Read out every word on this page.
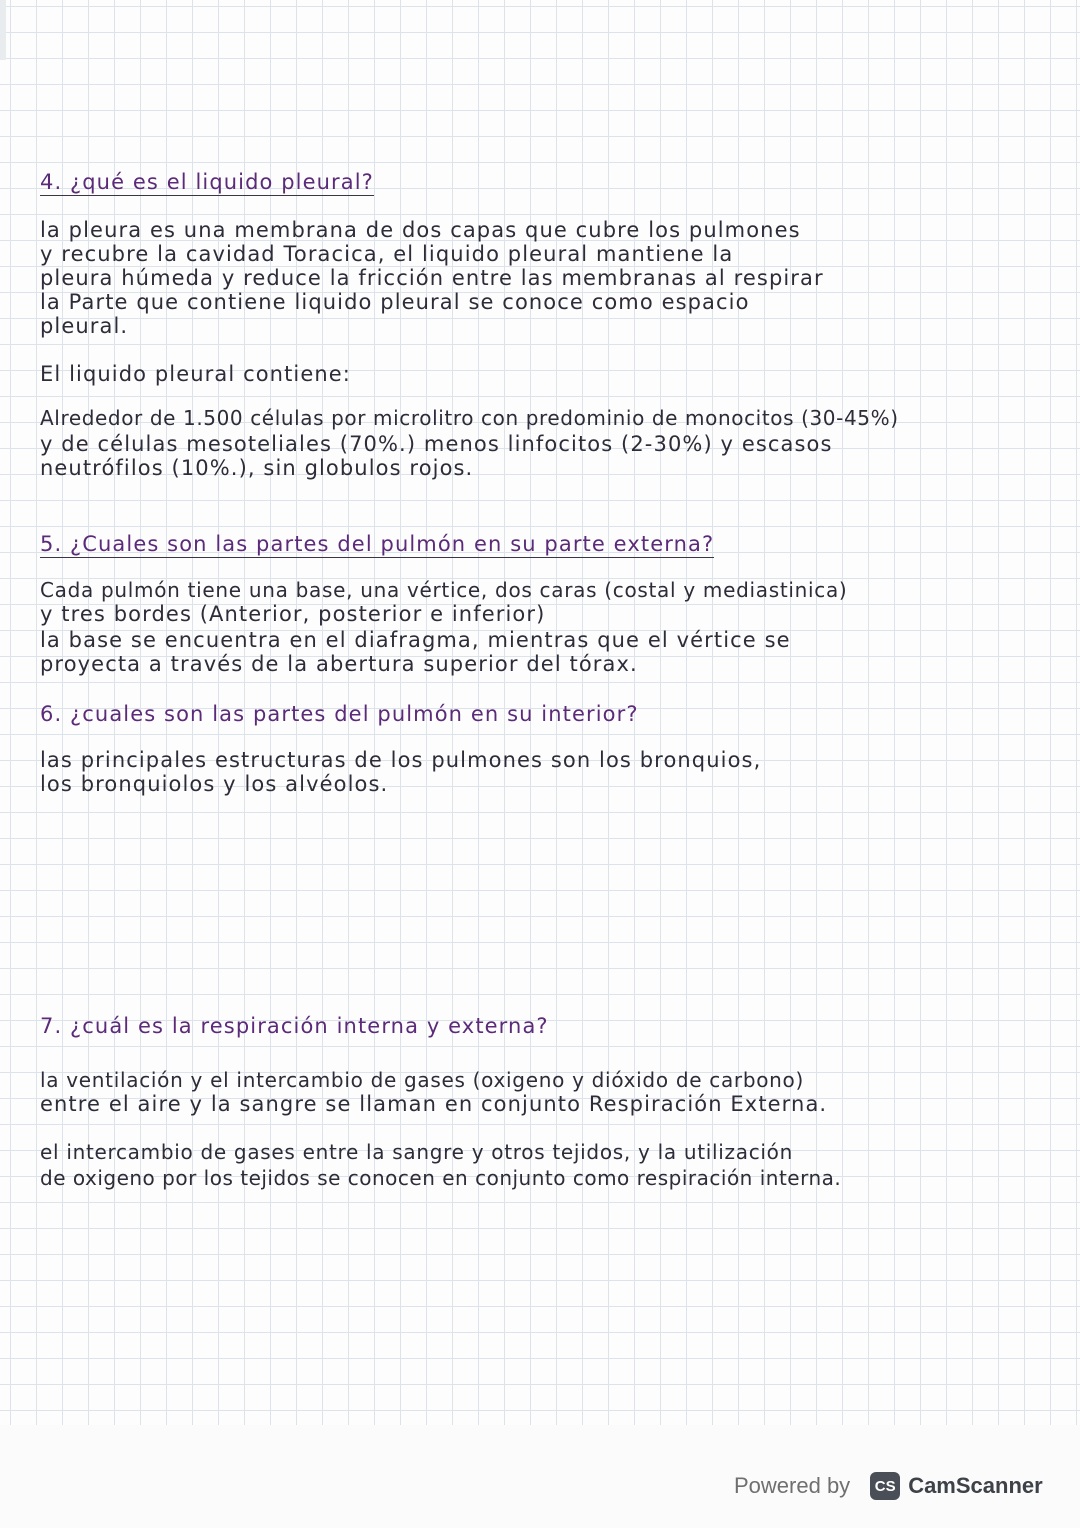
4. ¿qué es el liquido pleural?
la pleura es una membrana de dos capas que cubre los pulmones
y recubre la cavidad Toracica, el liquido pleural mantiene la
pleura húmeda y reduce la fricción entre las membranas al respirar
la Parte que contiene liquido pleural se conoce como espacio
pleural.
El liquido pleural contiene:
Alrededor de 1.500 células por microlitro con predominio de monocitos (30-45%)
y de células mesoteliales (70%.) menos linfocitos (2-30%) y escasos
neutrófilos (10%.), sin globulos rojos.
5. ¿Cuales son las partes del pulmón en su parte externa?
Cada pulmón tiene una base, una vértice, dos caras (costal y mediastinica)
y tres bordes (Anterior, posterior e inferior)
la base se encuentra en el diafragma, mientras que el vértice se
proyecta a través de la abertura superior del tórax.
6. ¿cuales son las partes del pulmón en su interior?
las principales estructuras de los pulmones son los bronquios,
los bronquiolos y los alvéolos.
7. ¿cuál es la respiración interna y externa?
la ventilación y el intercambio de gases (oxigeno y dióxido de carbono)
entre el aire y la sangre se llaman en conjunto Respiración Externa.
el intercambio de gases entre la sangre y otros tejidos, y la utilización
de oxigeno por los tejidos se conocen en conjunto como respiración interna.
Powered by	CS CamScanner
